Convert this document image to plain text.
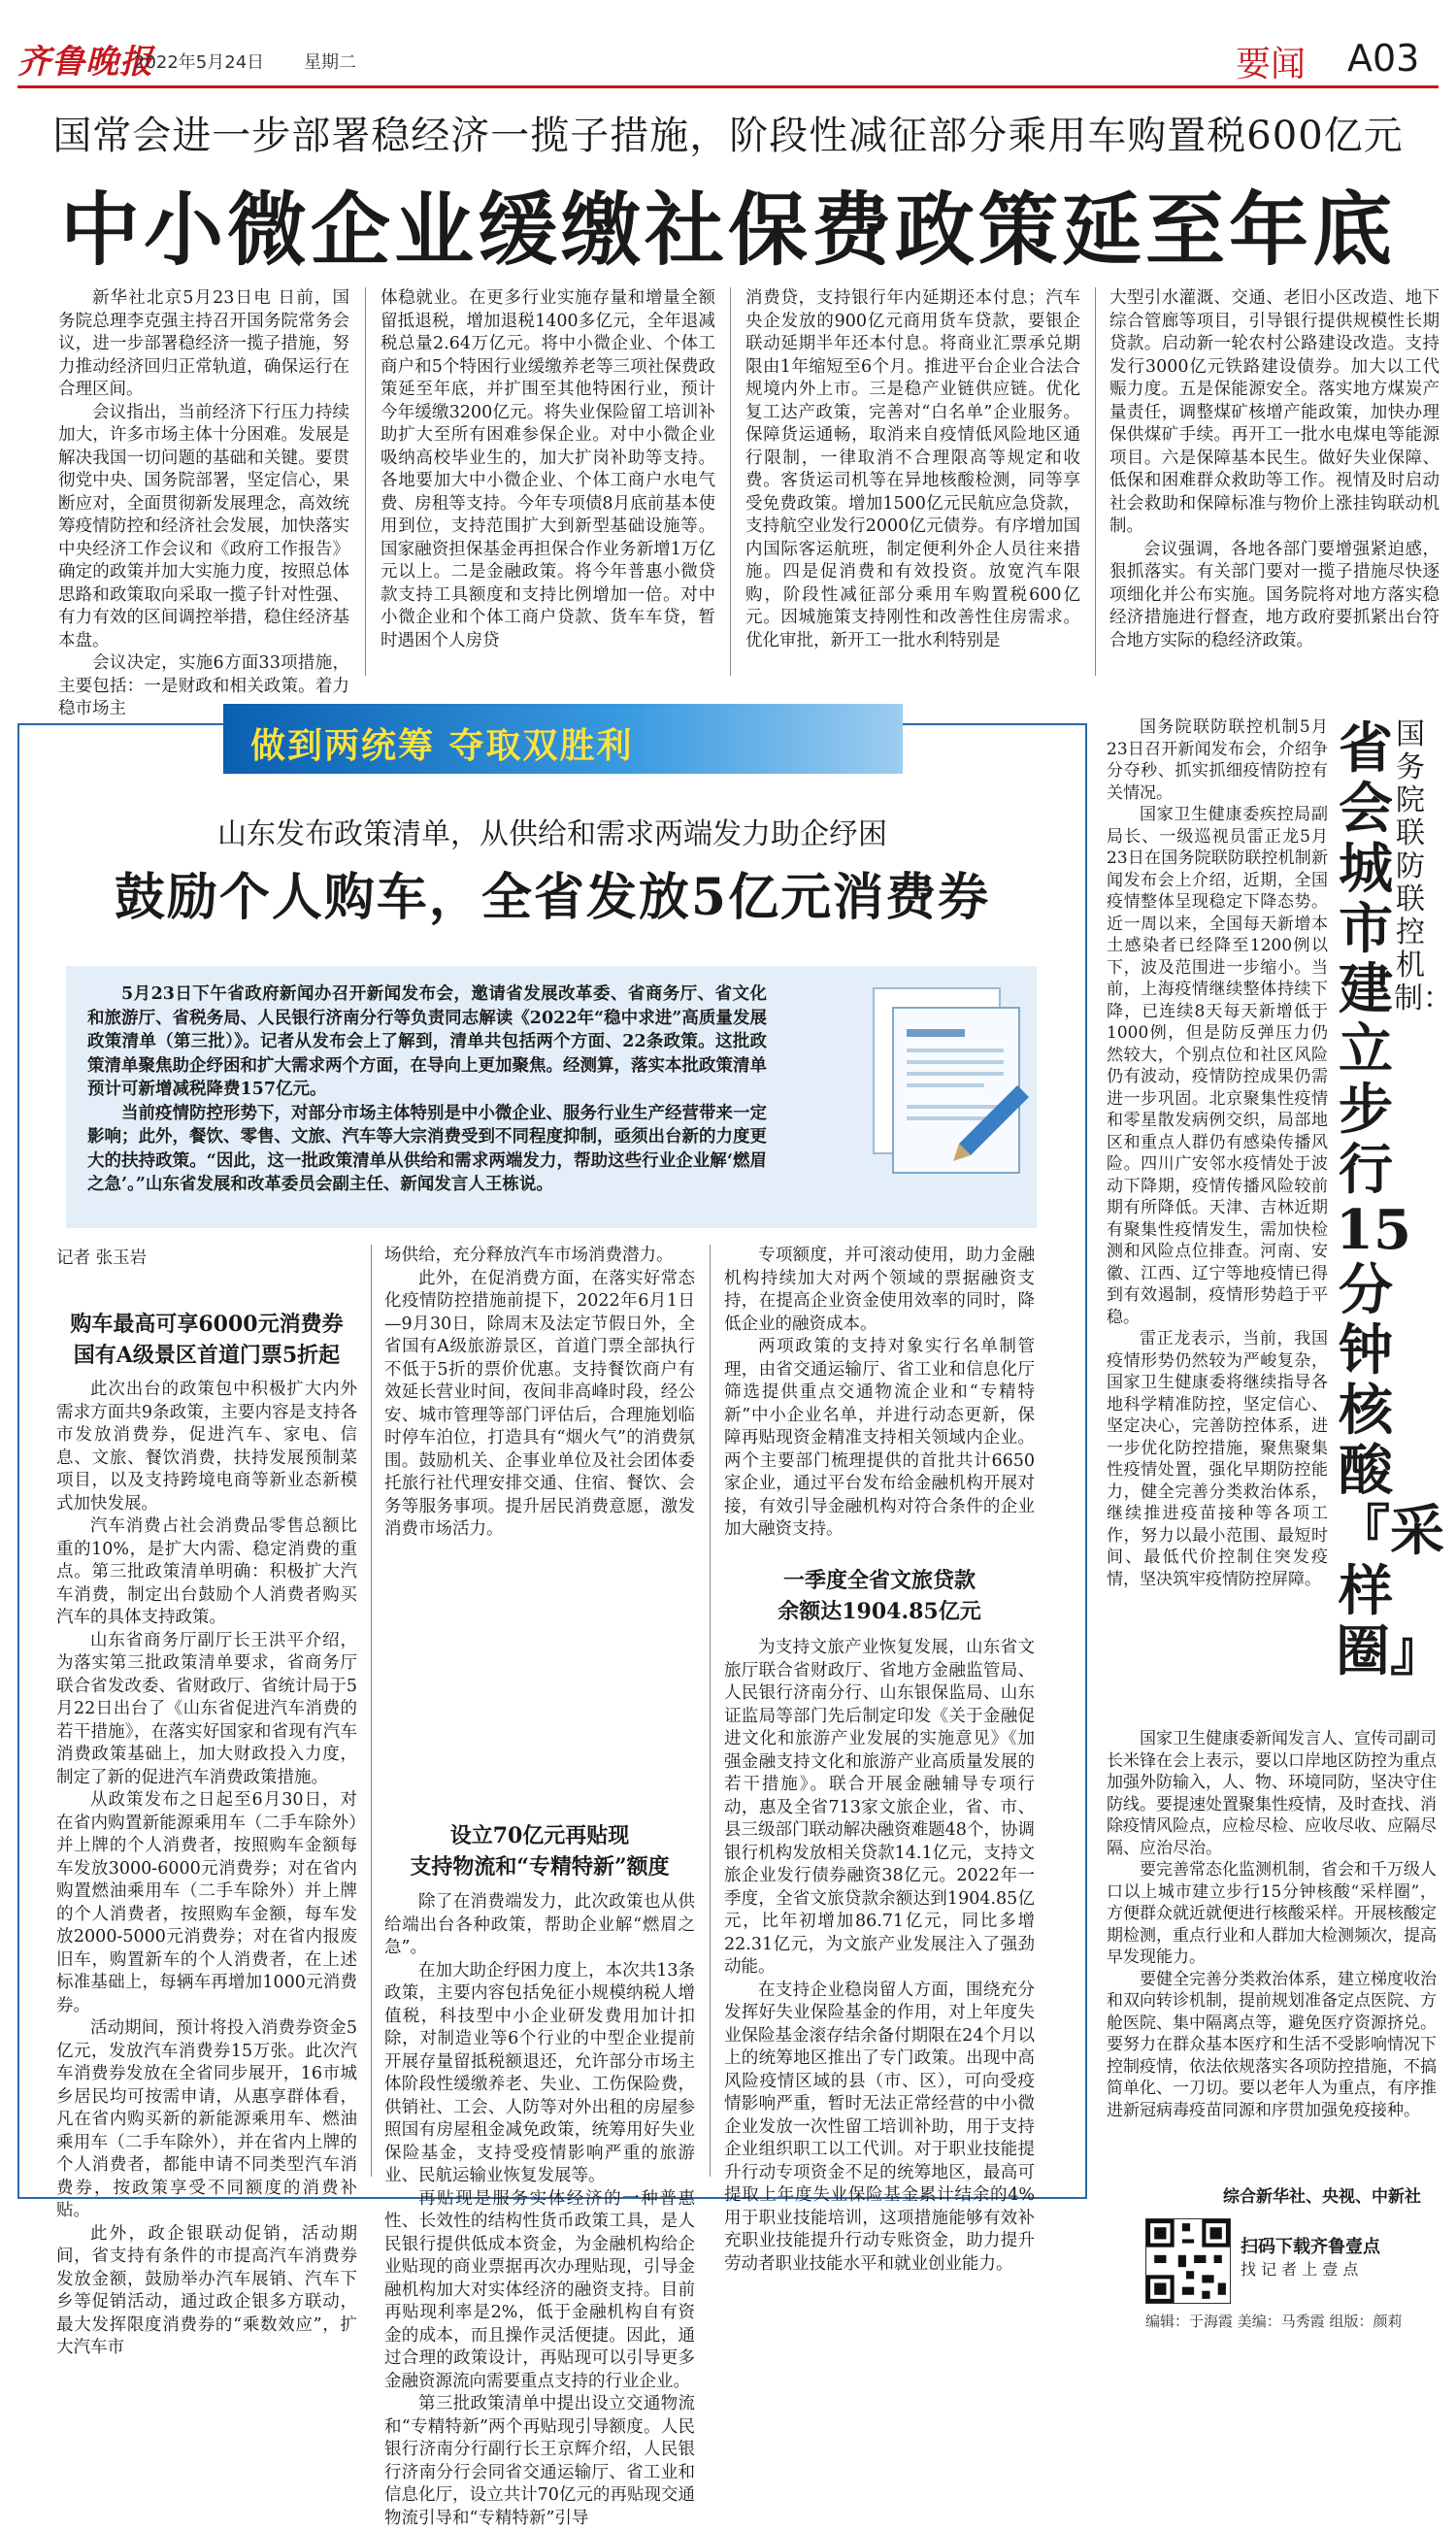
齐鲁晚报
2022年5月24日 星期二	要闻 A03
国常会进一步部署稳经济一揽子措施，阶段性减征部分乘用车购置税600亿元
中小微企业缓缴社保费政策延至年底

新华社北京5月23日电 日前，国务院总理李克强主持召开国务院常务会议，进一步部署稳经济一揽子措施，努力推动经济回归正常轨道，确保运行在合理区间。

会议指出，当前经济下行压力持续加大，许多市场主体十分困难。发展是解决我国一切问题的基础和关键。要贯彻党中央、国务院部署，坚定信心，果断应对，全面贯彻新发展理念，高效统筹疫情防控和经济社会发展，加快落实中央经济工作会议和《政府工作报告》确定的政策并加大实施力度，按照总体思路和政策取向采取一揽子针对性强、有力有效的区间调控举措，稳住经济基本盘。

会议决定，实施6方面33项措施，主要包括：一是财政和相关政策。着力稳市场主

体稳就业。在更多行业实施存量和增量全额留抵退税，增加退税1400多亿元，全年退减税总量2.64万亿元。将中小微企业、个体工商户和5个特困行业缓缴养老等三项社保费政策延至年底，并扩围至其他特困行业，预计今年缓缴3200亿元。将失业保险留工培训补助扩大至所有困难参保企业。对中小微企业吸纳高校毕业生的，加大扩岗补助等支持。各地要加大中小微企业、个体工商户水电气费、房租等支持。今年专项债8月底前基本使用到位，支持范围扩大到新型基础设施等。国家融资担保基金再担保合作业务新增1万亿元以上。二是金融政策。将今年普惠小微贷款支持工具额度和支持比例增加一倍。对中小微企业和个体工商户贷款、货车车贷，暂时遇困个人房贷

消费贷，支持银行年内延期还本付息；汽车央企发放的900亿元商用货车贷款，要银企联动延期半年还本付息。将商业汇票承兑期限由1年缩短至6个月。推进平台企业合法合规境内外上市。三是稳产业链供应链。优化复工达产政策，完善对“白名单”企业服务。保障货运通畅，取消来自疫情低风险地区通行限制，一律取消不合理限高等规定和收费。客货运司机等在异地核酸检测，同等享受免费政策。增加1500亿元民航应急贷款，支持航空业发行2000亿元债券。有序增加国内国际客运航班，制定便利外企人员往来措施。四是促消费和有效投资。放宽汽车限购，阶段性减征部分乘用车购置税600亿元。因城施策支持刚性和改善性住房需求。优化审批，新开工一批水利特别是

大型引水灌溉、交通、老旧小区改造、地下综合管廊等项目，引导银行提供规模性长期贷款。启动新一轮农村公路建设改造。支持发行3000亿元铁路建设债券。加大以工代赈力度。五是保能源安全。落实地方煤炭产量责任，调整煤矿核增产能政策，加快办理保供煤矿手续。再开工一批水电煤电等能源项目。六是保障基本民生。做好失业保障、低保和困难群众救助等工作。视情及时启动社会救助和保障标准与物价上涨挂钩联动机制。

会议强调，各地各部门要增强紧迫感，狠抓落实。有关部门要对一揽子措施尽快逐项细化并公布实施。国务院将对地方落实稳经济措施进行督查，地方政府要抓紧出台符合地方实际的稳经济政策。

做到两统筹 夺取双胜利
山东发布政策清单，从供给和需求两端发力助企纾困
鼓励个人购车，全省发放5亿元消费券

5月23日下午省政府新闻办召开新闻发布会，邀请省发展改革委、省商务厅、省文化和旅游厅、省税务局、人民银行济南分行等负责同志解读《2022年“稳中求进”高质量发展政策清单（第三批）》。记者从发布会上了解到，清单共包括两个方面、22条政策。这批政策清单聚焦助企纾困和扩大需求两个方面，在导向上更加聚焦。经测算，落实本批政策清单预计可新增减税降费157亿元。

当前疫情防控形势下，对部分市场主体特别是中小微企业、服务行业生产经营带来一定影响；此外，餐饮、零售、文旅、汽车等大宗消费受到不同程度抑制，亟须出台新的力度更大的扶持政策。“因此，这一批政策清单从供给和需求两端发力，帮助这些行业企业解‘燃眉之急’。”山东省发展和改革委员会副主任、新闻发言人王栋说。

记者 张玉岩
购车最高可享6000元消费券
国有A级景区首道门票5折起

此次出台的政策包中积极扩大内外需求方面共9条政策，主要内容是支持各市发放消费券，促进汽车、家电、信息、文旅、餐饮消费，扶持发展预制菜项目，以及支持跨境电商等新业态新模式加快发展。

汽车消费占社会消费品零售总额比重的10%，是扩大内需、稳定消费的重点。第三批政策清单明确：积极扩大汽车消费，制定出台鼓励个人消费者购买汽车的具体支持政策。

山东省商务厅副厅长王洪平介绍，为落实第三批政策清单要求，省商务厅联合省发改委、省财政厅、省统计局于5月22日出台了《山东省促进汽车消费的若干措施》，在落实好国家和省现有汽车消费政策基础上，加大财政投入力度，制定了新的促进汽车消费政策措施。

从政策发布之日起至6月30日，对在省内购置新能源乘用车（二手车除外）并上牌的个人消费者，按照购车金额每车发放3000-6000元消费券；对在省内购置燃油乘用车（二手车除外）并上牌的个人消费者，按照购车金额，每车发放2000-5000元消费券；对在省内报废旧车，购置新车的个人消费者，在上述标准基础上，每辆车再增加1000元消费券。

活动期间，预计将投入消费券资金5亿元，发放汽车消费券15万张。此次汽车消费券发放在全省同步展开，16市城乡居民均可按需申请，从惠享群体看，凡在省内购买新的新能源乘用车、燃油乘用车（二手车除外），并在省内上牌的个人消费者，都能申请不同类型汽车消费券，按政策享受不同额度的消费补贴。

此外，政企银联动促销，活动期间，省支持有条件的市提高汽车消费券发放金额，鼓励举办汽车展销、汽车下乡等促销活动，通过政企银多方联动，最大发挥限度消费券的“乘数效应”，扩大汽车市

场供给，充分释放汽车市场消费潜力。

此外，在促消费方面，在落实好常态化疫情防控措施前提下，2022年6月1日—9月30日，除周末及法定节假日外，全省国有A级旅游景区，首道门票全部执行不低于5折的票价优惠。支持餐饮商户有效延长营业时间，夜间非高峰时段，经公安、城市管理等部门评估后，合理施划临时停车泊位，打造具有“烟火气”的消费氛围。鼓励机关、企事业单位及社会团体委托旅行社代理安排交通、住宿、餐饮、会务等服务事项。提升居民消费意愿，激发消费市场活力。

设立70亿元再贴现
支持物流和“专精特新”额度

除了在消费端发力，此次政策也从供给端出台各种政策，帮助企业解“燃眉之急”。

在加大助企纾困力度上，本次共13条政策，主要内容包括免征小规模纳税人增值税，科技型中小企业研发费用加计扣除，对制造业等6个行业的中型企业提前开展存量留抵税额退还，允许部分市场主体阶段性缓缴养老、失业、工伤保险费，供销社、工会、人防等对外出租的房屋参照国有房屋租金减免政策，统筹用好失业保险基金，支持受疫情影响严重的旅游业、民航运输业恢复发展等。

再贴现是服务实体经济的一种普惠性、长效性的结构性货币政策工具，是人民银行提供低成本资金，为金融机构给企业贴现的商业票据再次办理贴现，引导金融机构加大对实体经济的融资支持。目前再贴现利率是2%，低于金融机构自有资金的成本，而且操作灵活便捷。因此，通过合理的政策设计，再贴现可以引导更多金融资源流向需要重点支持的行业企业。

第三批政策清单中提出设立交通物流和“专精特新”两个再贴现引导额度。人民银行济南分行副行长王京辉介绍，人民银行济南分行会同省交通运输厅、省工业和信息化厅，设立共计70亿元的再贴现交通物流引导和“专精特新”引导

专项额度，并可滚动使用，助力金融机构持续加大对两个领域的票据融资支持，在提高企业资金使用效率的同时，降低企业的融资成本。

两项政策的支持对象实行名单制管理，由省交通运输厅、省工业和信息化厅筛选提供重点交通物流企业和“专精特新”中小企业名单，并进行动态更新，保障再贴现资金精准支持相关领域内企业。两个主要部门梳理提供的首批共计6650家企业，通过平台发布给金融机构开展对接，有效引导金融机构对符合条件的企业加大融资支持。

一季度全省文旅贷款
余额达1904.85亿元

为支持文旅产业恢复发展，山东省文旅厅联合省财政厅、省地方金融监管局、人民银行济南分行、山东银保监局、山东证监局等部门先后制定印发《关于金融促进文化和旅游产业发展的实施意见》《加强金融支持文化和旅游产业高质量发展的若干措施》。联合开展金融辅导专项行动，惠及全省713家文旅企业，省、市、县三级部门联动解决融资难题48个，协调银行机构发放相关贷款14.1亿元，支持文旅企业发行债券融资38亿元。2022年一季度，全省文旅贷款余额达到1904.85亿元，比年初增加86.71亿元，同比多增22.31亿元，为文旅产业发展注入了强劲动能。

在支持企业稳岗留人方面，围绕充分发挥好失业保险基金的作用，对上年度失业保险基金滚存结余备付期限在24个月以上的统筹地区推出了专门政策。出现中高风险疫情区域的县（市、区），可向受疫情影响严重，暂时无法正常经营的中小微企业发放一次性留工培训补助，用于支持企业组织职工以工代训。对于职业技能提升行动专项资金不足的统筹地区，最高可提取上年度失业保险基金累计结余的4%用于职业技能培训，这项措施能够有效补充职业技能提升行动专账资金，助力提升劳动者职业技能水平和就业创业能力。

国务院联防联控机制：
省会城市建立步行15分钟核酸『采样圈』

国务院联防联控机制5月23日召开新闻发布会，介绍争分夺秒、抓实抓细疫情防控有关情况。

国家卫生健康委疾控局副局长、一级巡视员雷正龙5月23日在国务院联防联控机制新闻发布会上介绍，近期，全国疫情整体呈现稳定下降态势。近一周以来，全国每天新增本土感染者已经降至1200例以下，波及范围进一步缩小。当前，上海疫情继续整体持续下降，已连续8天每天新增低于1000例，但是防反弹压力仍然较大，个别点位和社区风险仍有波动，疫情防控成果仍需进一步巩固。北京聚集性疫情和零星散发病例交织，局部地区和重点人群仍有感染传播风险。四川广安邻水疫情处于波动下降期，疫情传播风险较前期有所降低。天津、吉林近期有聚集性疫情发生，需加快检测和风险点位排查。河南、安徽、江西、辽宁等地疫情已得到有效遏制，疫情形势趋于平稳。

雷正龙表示，当前，我国疫情形势仍然较为严峻复杂，国家卫生健康委将继续指导各地科学精准防控，坚定信心、坚定决心，完善防控体系，进一步优化防控措施，聚焦聚集性疫情处置，强化早期防控能力，健全完善分类救治体系，继续推进疫苗接种等各项工作，努力以最小范围、最短时间、最低代价控制住突发疫情，坚决筑牢疫情防控屏障。

国家卫生健康委新闻发言人、宣传司副司长米锋在会上表示，要以口岸地区防控为重点加强外防输入，人、物、环境同防，坚决守住防线。要提速处置聚集性疫情，及时查找、消除疫情风险点，应检尽检、应收尽收、应隔尽隔、应治尽治。

要完善常态化监测机制，省会和千万级人口以上城市建立步行15分钟核酸“采样圈”，方便群众就近就便进行核酸采样。开展核酸定期检测，重点行业和人群加大检测频次，提高早发现能力。

要健全完善分类救治体系，建立梯度收治和双向转诊机制，提前规划准备定点医院、方舱医院、集中隔离点等，避免医疗资源挤兑。要努力在群众基本医疗和生活不受影响情况下控制疫情，依法依规落实各项防控措施，不搞简单化、一刀切。要以老年人为重点，有序推进新冠病毒疫苗同源和序贯加强免疫接种。

综合新华社、央视、中新社
扫码下载齐鲁壹点
找 记 者 上 壹 点
编辑：于海霞 美编：马秀霞 组版：颜莉
